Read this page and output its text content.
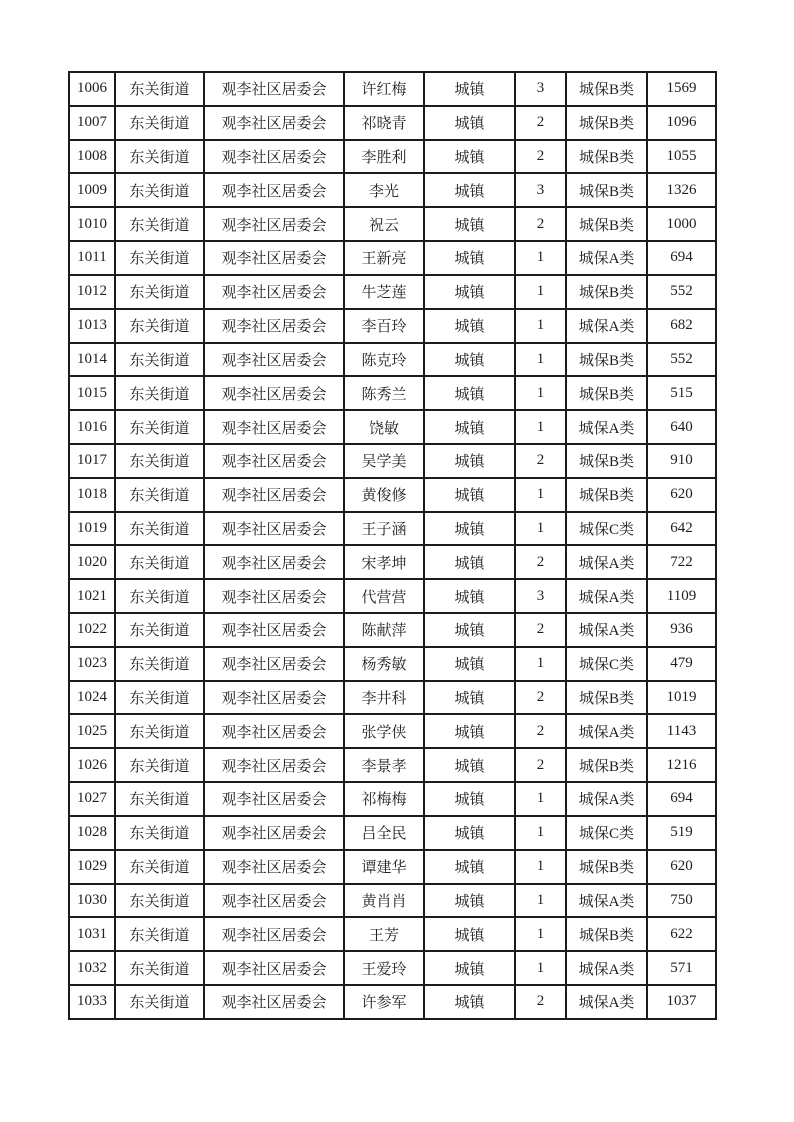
1006	东关街道	观李社区居委会	许红梅	城镇	3	城保B类	1569
1007	东关街道	观李社区居委会	祁晓青	城镇	2	城保B类	1096
1008	东关街道	观李社区居委会	李胜利	城镇	2	城保B类	1055
1009	东关街道	观李社区居委会	李光	城镇	3	城保B类	1326
1010	东关街道	观李社区居委会	祝云	城镇	2	城保B类	1000
1011	东关街道	观李社区居委会	王新亮	城镇	1	城保A类	694
1012	东关街道	观李社区居委会	牛芝莲	城镇	1	城保B类	552
1013	东关街道	观李社区居委会	李百玲	城镇	1	城保A类	682
1014	东关街道	观李社区居委会	陈克玲	城镇	1	城保B类	552
1015	东关街道	观李社区居委会	陈秀兰	城镇	1	城保B类	515
1016	东关街道	观李社区居委会	饶敏	城镇	1	城保A类	640
1017	东关街道	观李社区居委会	吴学美	城镇	2	城保B类	910
1018	东关街道	观李社区居委会	黄俊修	城镇	1	城保B类	620
1019	东关街道	观李社区居委会	王子涵	城镇	1	城保C类	642
1020	东关街道	观李社区居委会	宋孝坤	城镇	2	城保A类	722
1021	东关街道	观李社区居委会	代营营	城镇	3	城保A类	1109
1022	东关街道	观李社区居委会	陈献萍	城镇	2	城保A类	936
1023	东关街道	观李社区居委会	杨秀敏	城镇	1	城保C类	479
1024	东关街道	观李社区居委会	李井科	城镇	2	城保B类	1019
1025	东关街道	观李社区居委会	张学侠	城镇	2	城保A类	1143
1026	东关街道	观李社区居委会	李景孝	城镇	2	城保B类	1216
1027	东关街道	观李社区居委会	祁梅梅	城镇	1	城保A类	694
1028	东关街道	观李社区居委会	吕全民	城镇	1	城保C类	519
1029	东关街道	观李社区居委会	谭建华	城镇	1	城保B类	620
1030	东关街道	观李社区居委会	黄肖肖	城镇	1	城保A类	750
1031	东关街道	观李社区居委会	王芳	城镇	1	城保B类	622
1032	东关街道	观李社区居委会	王爱玲	城镇	1	城保A类	571
1033	东关街道	观李社区居委会	许参军	城镇	2	城保A类	1037
